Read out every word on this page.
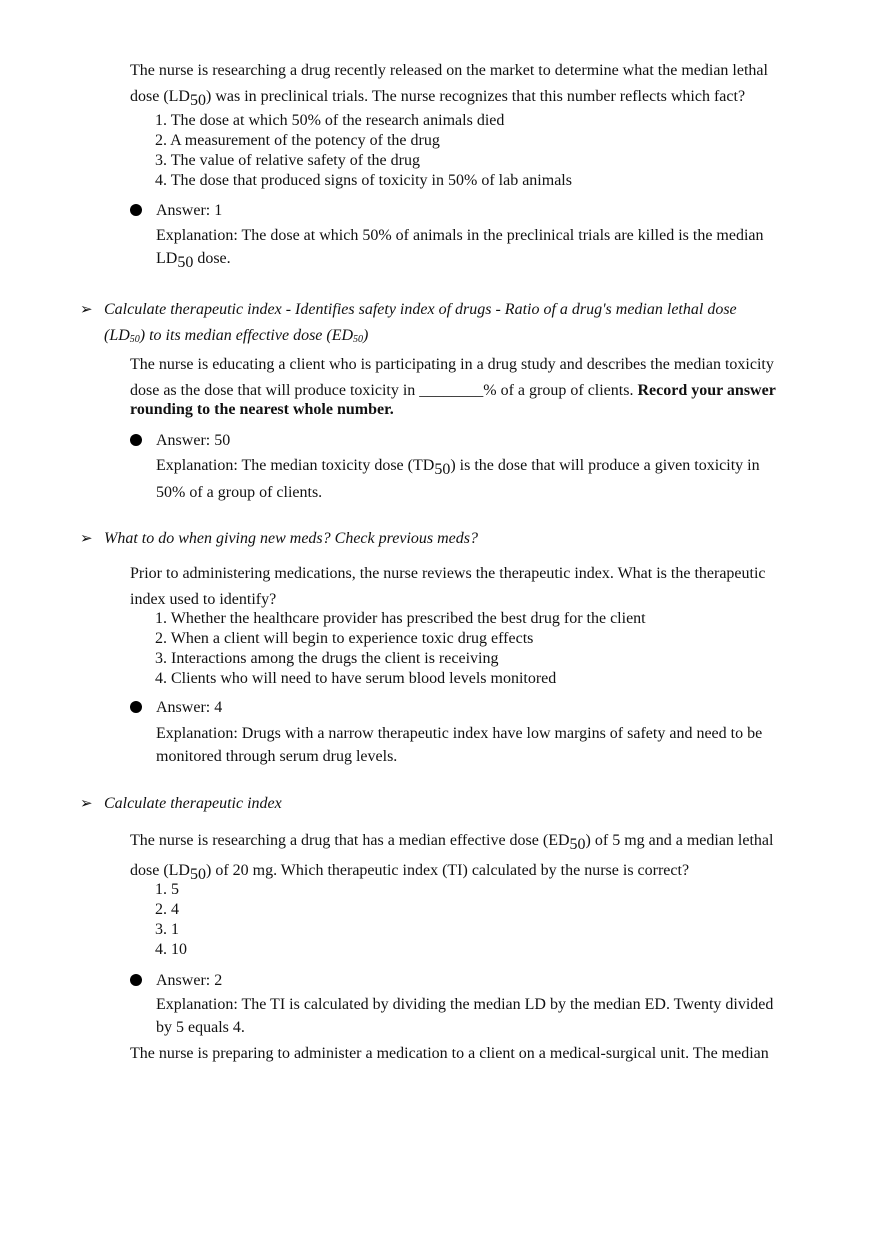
The nurse is researching a drug recently released on the market to determine what the median lethal
dose $(LD_{50})$ was in preclinical trials. The nurse recognizes that this number reflects which fact?
1. The dose at which 50% of the research animals died
2. A measurement of the potency of the drug
3. The value of relative safety of the drug
4. The dose that produced signs of toxicity in 50% of lab animals
Answer: 1
Explanation: The dose at which 50% of animals in the preclinical trials are killed is the median
$LD_{50}$ dose.
➢ Calculate therapeutic index - Identifies safety index of drugs - Ratio of a drug's median lethal dose
$(LD_{50})$ to its median effective dose $(ED_{50})$
The nurse is educating a client who is participating in a drug study and describes the median toxicity
dose as the dose that will produce toxicity in ________% of a group of clients. Record your answer
rounding to the nearest whole number.
Answer: 50
Explanation: The median toxicity dose $(TD_{50})$ is the dose that will produce a given toxicity in
50% of a group of clients.
➢ What to do when giving new meds? Check previous meds?
Prior to administering medications, the nurse reviews the therapeutic index. What is the therapeutic
index used to identify?
1. Whether the healthcare provider has prescribed the best drug for the client
2. When a client will begin to experience toxic drug effects
3. Interactions among the drugs the client is receiving
4. Clients who will need to have serum blood levels monitored
Answer: 4
Explanation: Drugs with a narrow therapeutic index have low margins of safety and need to be
monitored through serum drug levels.
➢ Calculate therapeutic index
The nurse is researching a drug that has a median effective dose $(ED_{50})$ of 5 mg and a median lethal
dose $(LD_{50})$ of 20 mg. Which therapeutic index (TI) calculated by the nurse is correct?
1. 5
2. 4
3. 1
4. 10
Answer: 2
Explanation: The TI is calculated by dividing the median LD by the median ED. Twenty divided
by 5 equals 4.
The nurse is preparing to administer a medication to a client on a medical-surgical unit. The median
